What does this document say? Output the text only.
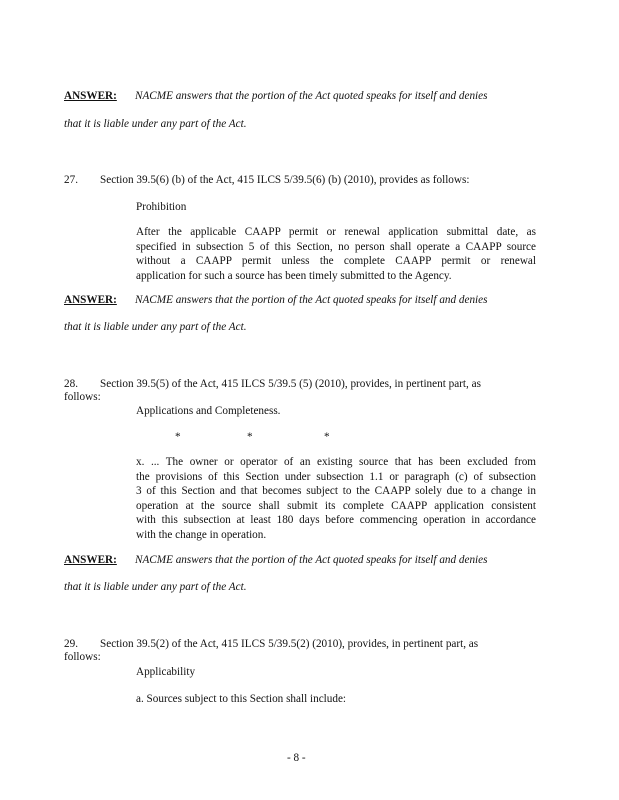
ANSWER: NACME answers that the portion of the Act quoted speaks for itself and denies
that it is liable under any part of the Act.
27. Section 39.5(6) (b) of the Act, 415 ILCS 5/39.5(6) (b) (2010), provides as follows:
Prohibition
After the applicable CAAPP permit or renewal application submittal date, as
specified in subsection 5 of this Section, no person shall operate a CAAPP source
without a CAAPP permit unless the complete CAAPP permit or renewal
application for such a source has been timely submitted to the Agency.
ANSWER: NACME answers that the portion of the Act quoted speaks for itself and denies
that it is liable under any part of the Act.
28. Section 39.5(5) of the Act, 415 ILCS 5/39.5 (5) (2010), provides, in pertinent part, as
follows:
Applications and Completeness.
*	*	*
x. ... The owner or operator of an existing source that has been excluded from
the provisions of this Section under subsection 1.1 or paragraph (c) of subsection
3 of this Section and that becomes subject to the CAAPP solely due to a change in
operation at the source shall submit its complete CAAPP application consistent
with this subsection at least 180 days before commencing operation in accordance
with the change in operation.
ANSWER: NACME answers that the portion of the Act quoted speaks for itself and denies
that it is liable under any part of the Act.
29. Section 39.5(2) of the Act, 415 ILCS 5/39.5(2) (2010), provides, in pertinent part, as
follows:
Applicability
a. Sources subject to this Section shall include:
- 8 -
